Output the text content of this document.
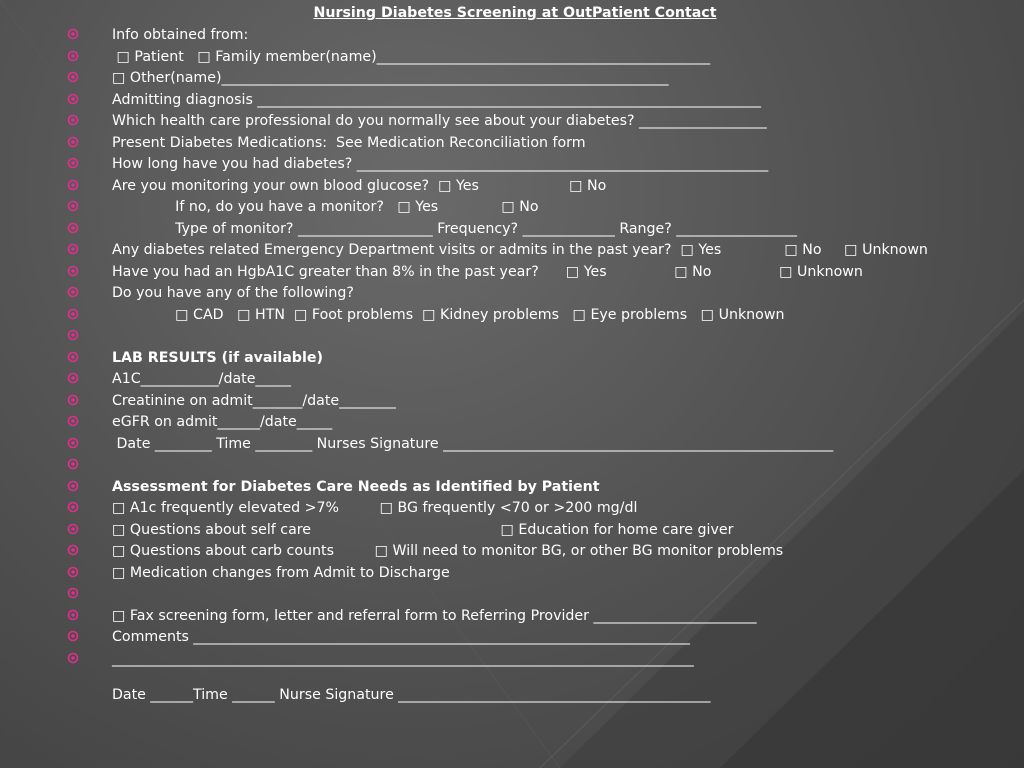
Nursing Diabetes Screening at OutPatient Contact
Info obtained from:
□ Patient   □ Family member(name)_______________________________________________
□ Other(name)_______________________________________________________________
Admitting diagnosis _______________________________________________________________________
Which health care professional do you normally see about your diabetes? __________________
Present Diabetes Medications:  See Medication Reconciliation form
How long have you had diabetes? __________________________________________________________
Are you monitoring your own blood glucose?  □ Yes                    □ No
If no, do you have a monitor?   □ Yes              □ No
Type of monitor? ___________________ Frequency? _____________ Range? _________________
Any diabetes related Emergency Department visits or admits in the past year?  □ Yes              □ No     □ Unknown
Have you had an HgbA1C greater than 8% in the past year?      □ Yes               □ No               □ Unknown
Do you have any of the following?
□ CAD   □ HTN  □ Foot problems  □ Kidney problems   □ Eye problems   □ Unknown
LAB RESULTS (if available)
A1C___________/date_____
Creatinine on admit_______/date________
eGFR on admit______/date_____
Date ________ Time ________ Nurses Signature _______________________________________________________
Assessment for Diabetes Care Needs as Identified by Patient
□ A1c frequently elevated >7%         □ BG frequently <70 or >200 mg/dl
□ Questions about self care                                          □ Education for home care giver
□ Questions about carb counts         □ Will need to monitor BG, or other BG monitor problems
□ Medication changes from Admit to Discharge
□ Fax screening form, letter and referral form to Referring Provider _______________________
Comments ______________________________________________________________________
__________________________________________________________________________________
Date ______Time ______ Nurse Signature ____________________________________________
